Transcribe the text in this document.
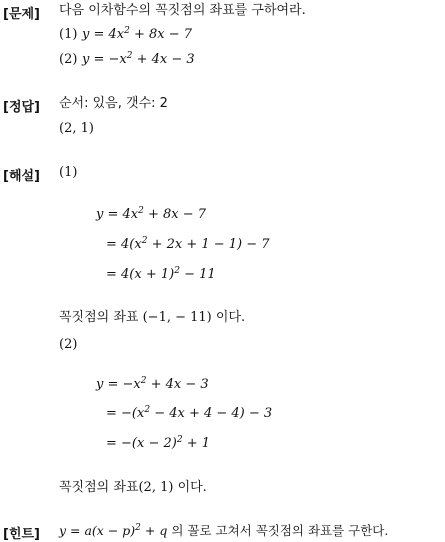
[문제] 다음 이차함수의 꼭짓점의 좌표를 구하여라.
(1) $y = 4x^2 + 8x - 7$
(2) $y = -x^2 + 4x - 3$
[정답] 순서: 있음, 갯수: 2
(2, 1)
[해설] (1)
$y = 4x^2 + 8x - 7$
= $4(x^2 + 2x + 1 - 1) - 7$
= $4(x + 1)^2 - 11$
꼭짓점의 좌표 (−1, − 11) 이다.
(2)
$y = -x^2 + 4x - 3$
= $-(x^2 - 4x + 4 - 4) - 3$
= $-(x - 2)^2 + 1$
꼭짓점의 좌표(2, 1) 이다.
[힌트] $y = a(x - p)^2 + q$ 의 꼴로 고쳐서 꼭짓점의 좌표를 구한다.
